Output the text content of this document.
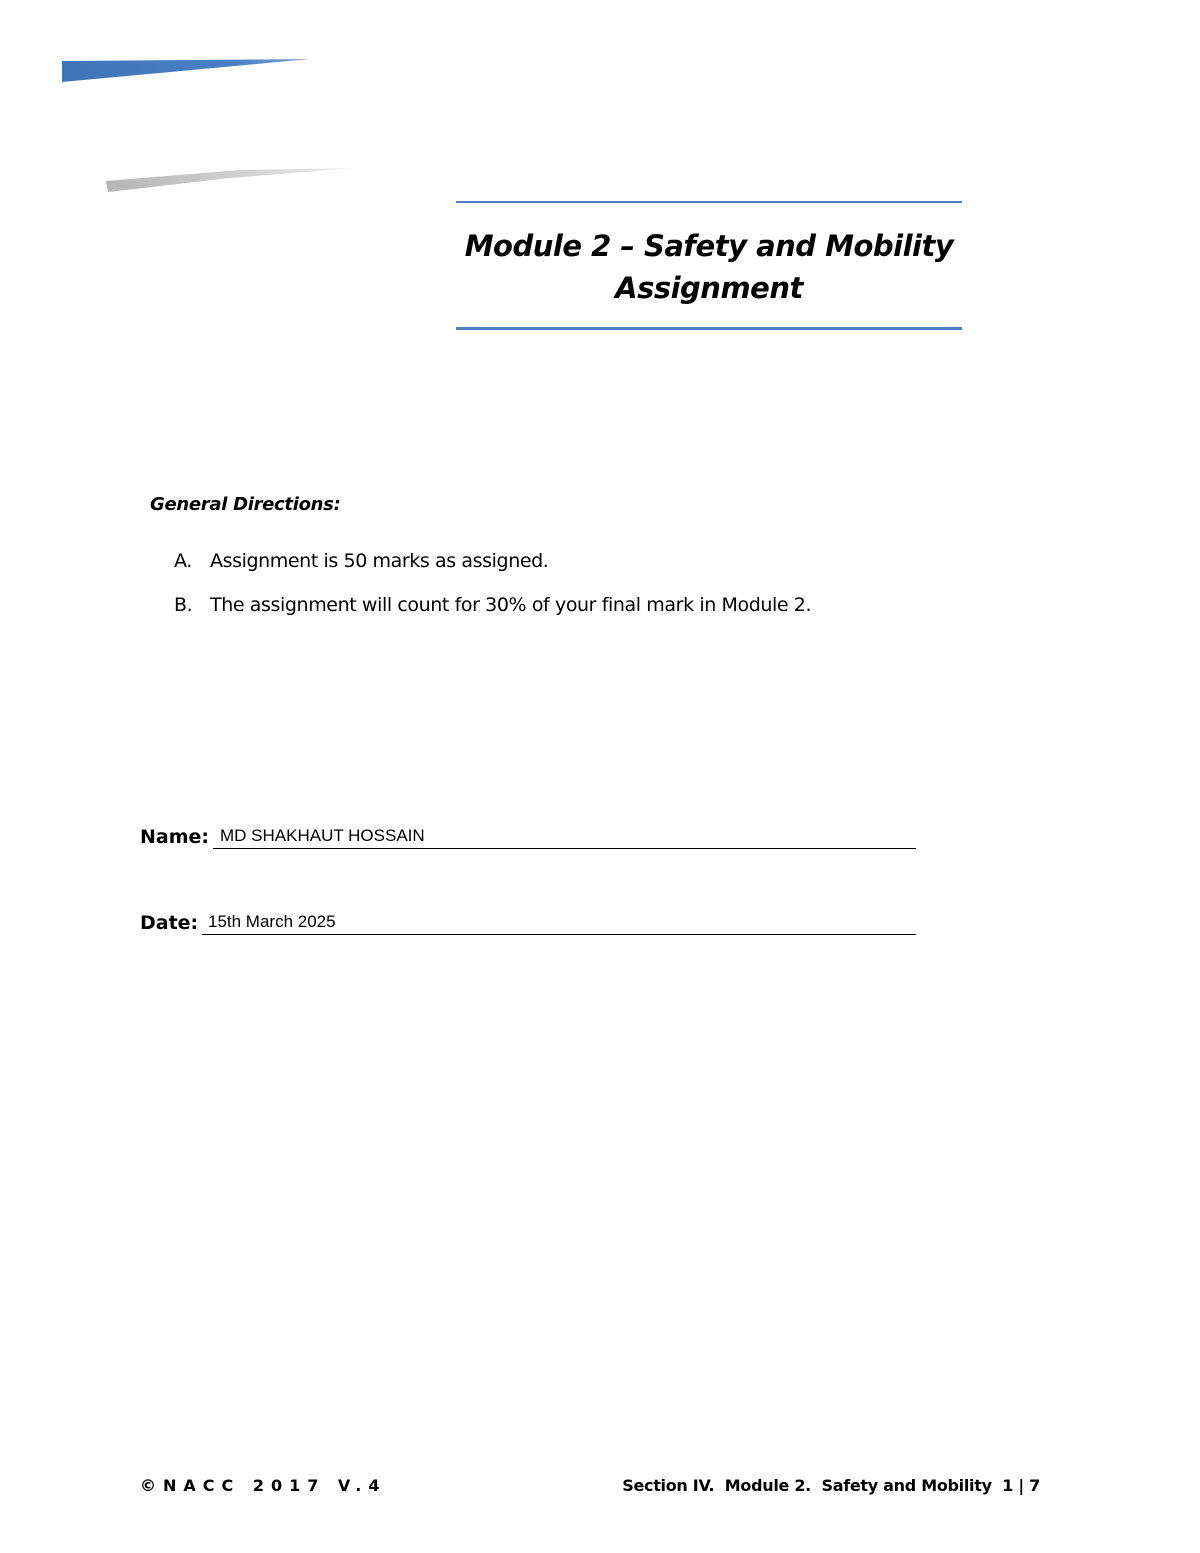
Module 2 – Safety and Mobility
Assignment
General Directions:
A. Assignment is 50 marks as assigned.
B. The assignment will count for 30% of your final mark in Module 2.
Name: MD SHAKHAUT HOSSAIN
Date: 15th March 2025
©NACC 2017 V.4	Section IV.  Module 2.  Safety and Mobility  1 | 7
